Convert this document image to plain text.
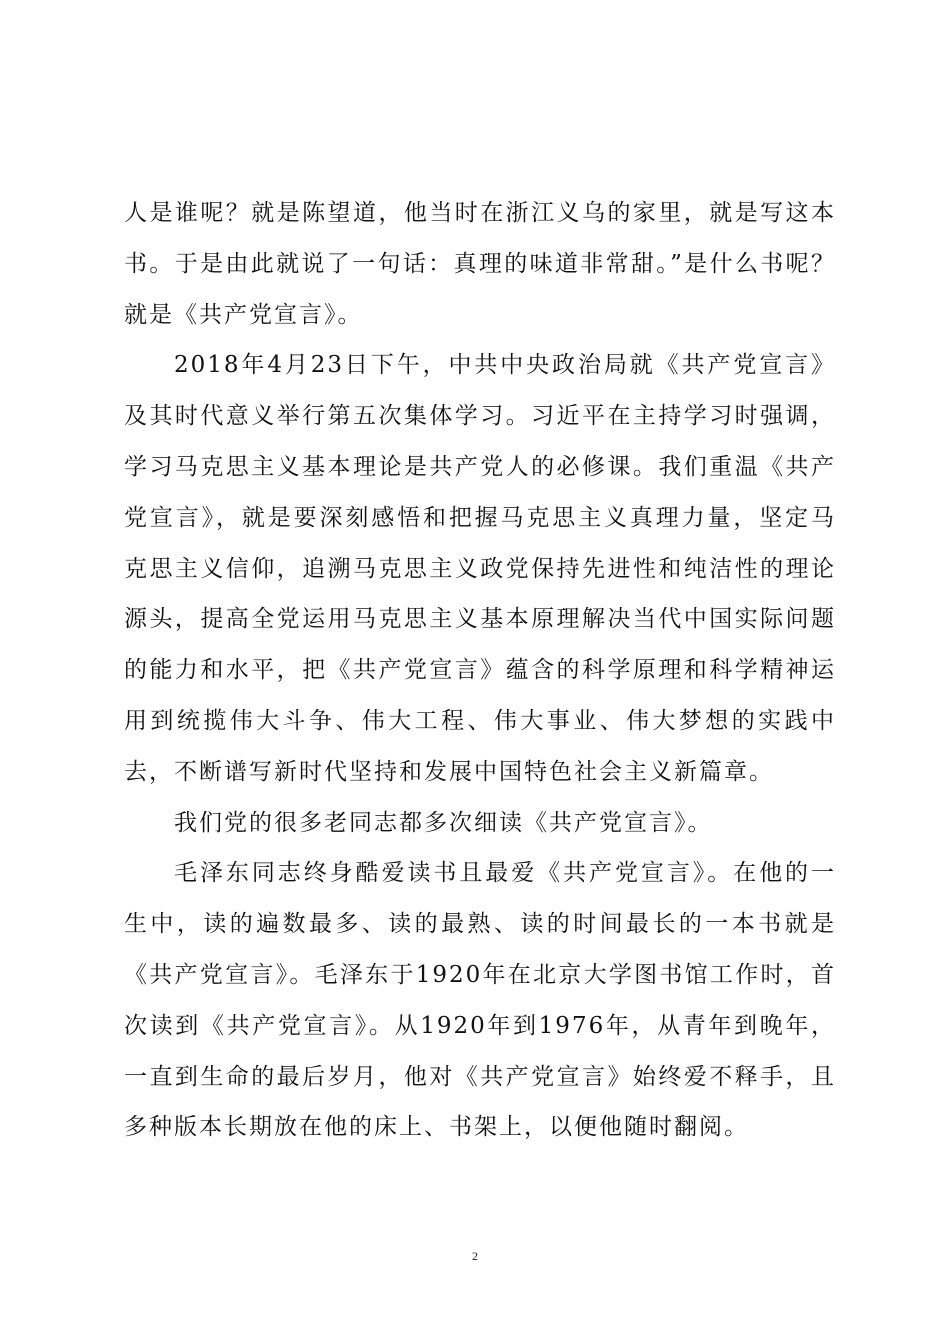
人是谁呢？就是陈望道，他当时在浙江义乌的家里，就是写这本书。于是由此就说了一句话：真理的味道非常甜。”是什么书呢？就是《共产党宣言》。

2018年4月23日下午，中共中央政治局就《共产党宣言》及其时代意义举行第五次集体学习。习近平在主持学习时强调，学习马克思主义基本理论是共产党人的必修课。我们重温《共产党宣言》，就是要深刻感悟和把握马克思主义真理力量，坚定马克思主义信仰，追溯马克思主义政党保持先进性和纯洁性的理论源头，提高全党运用马克思主义基本原理解决当代中国实际问题的能力和水平，把《共产党宣言》蕴含的科学原理和科学精神运用到统揽伟大斗争、伟大工程、伟大事业、伟大梦想的实践中去，不断谱写新时代坚持和发展中国特色社会主义新篇章。

我们党的很多老同志都多次细读《共产党宣言》。

毛泽东同志终身酷爱读书且最爱《共产党宣言》。在他的一生中，读的遍数最多、读的最熟、读的时间最长的一本书就是《共产党宣言》。毛泽东于1920年在北京大学图书馆工作时，首次读到《共产党宣言》。从1920年到1976年，从青年到晚年，一直到生命的最后岁月，他对《共产党宣言》始终爱不释手，且多种版本长期放在他的床上、书架上，以便他随时翻阅。

2
